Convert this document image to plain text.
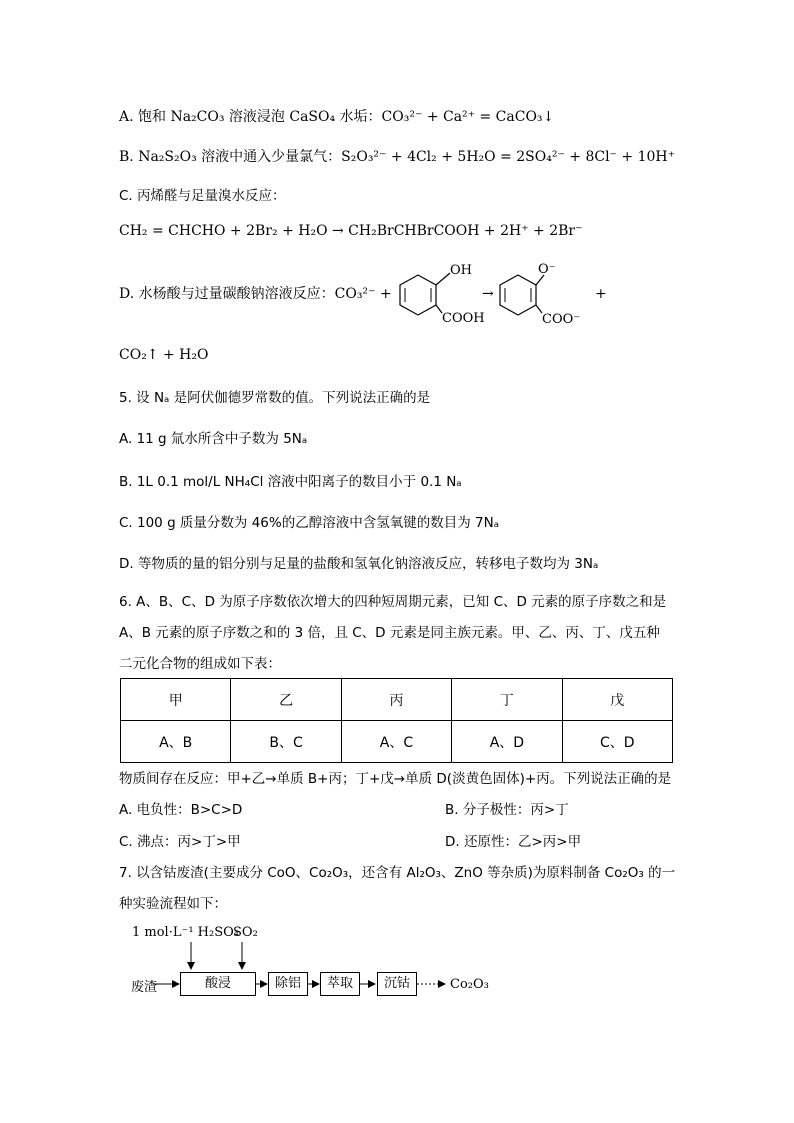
A. 饱和 Na₂CO₃ 溶液浸泡 CaSO₄ 水垢：CO₃²⁻ + Ca²⁺ = CaCO₃↓
B. Na₂S₂O₃ 溶液中通入少量氯气：S₂O₃²⁻ + 4Cl₂ + 5H₂O = 2SO₄²⁻ + 8Cl⁻ + 10H⁺
C. 丙烯醛与足量溴水反应：
CH₂ = CHCHO + 2Br₂ + H₂O → CH₂BrCHBrCOOH + 2H⁺ + 2Br⁻
D. 水杨酸与过量碳酸钠溶液反应：CO₃²⁻ +
OH
COOH
→
O⁻
COO⁻
+
CO₂↑ + H₂O
5. 设 Nₐ 是阿伏伽德罗常数的值。下列说法正确的是
A. 11 g 氚水所含中子数为 5Nₐ
B. 1L 0.1 mol/L NH₄Cl 溶液中阳离子的数目小于 0.1 Nₐ
C. 100 g 质量分数为 46%的乙醇溶液中含氢氧键的数目为 7Nₐ
D. 等物质的量的铝分别与足量的盐酸和氢氧化钠溶液反应，转移电子数均为 3Nₐ
6. A、B、C、D 为原子序数依次增大的四种短周期元素，已知 C、D 元素的原子序数之和是
A、B 元素的原子序数之和的 3 倍，且 C、D 元素是同主族元素。甲、乙、丙、丁、戊五种
二元化合物的组成如下表：
甲	乙	丙	丁	戊
A、B	B、C	A、C	A、D	C、D
物质间存在反应：甲+乙→单质 B+丙；丁+戊→单质 D(淡黄色固体)+丙。下列说法正确的是
A. 电负性：B>C>D	B. 分子极性：丙>丁
C. 沸点：丙>丁>甲	D. 还原性：乙>丙>甲
7. 以含钴废渣(主要成分 CoO、Co₂O₃，还含有 Al₂O₃、ZnO 等杂质)为原料制备 Co₂O₃ 的一
种实验流程如下：
1 mol·L⁻¹ H₂SO₄
SO₂
废渣	酸浸	除铝	萃取	沉钴	Co₂O₃
